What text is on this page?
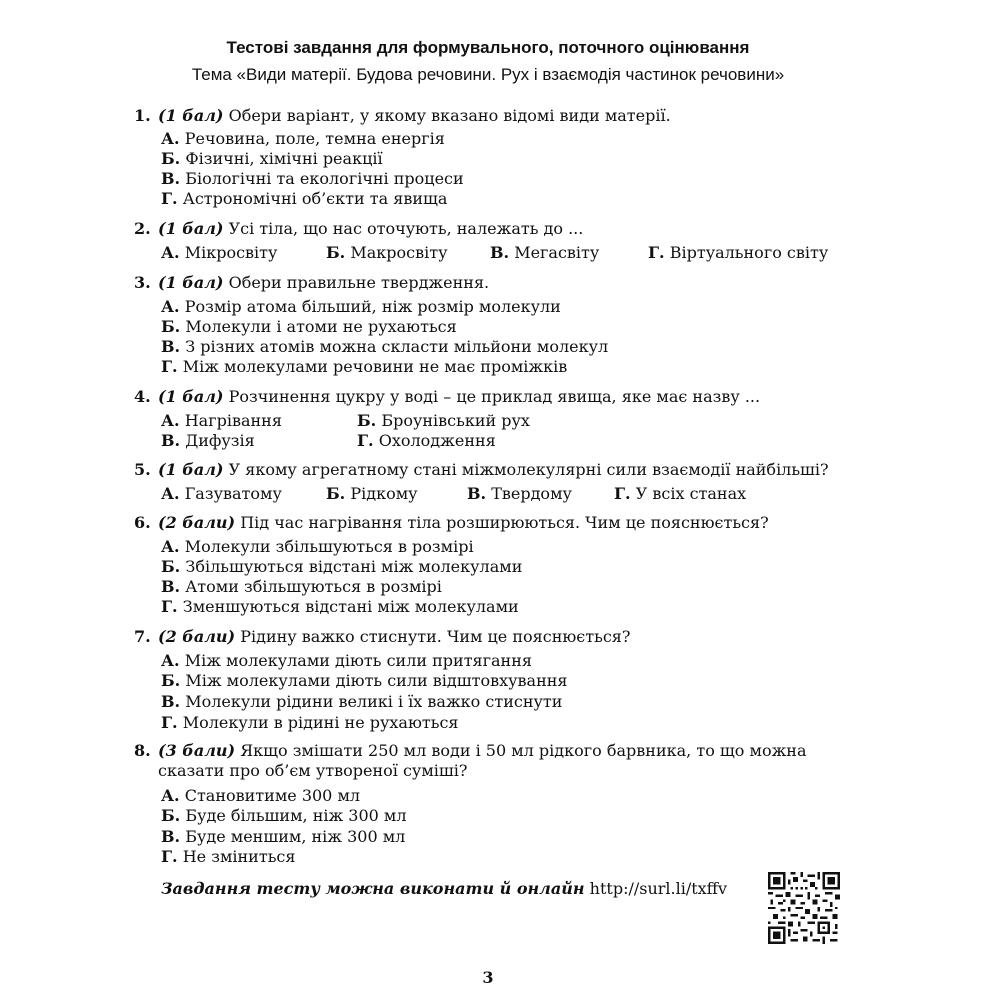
Тестові завдання для формувального, поточного оцінювання
Тема «Види матерії. Будова речовини. Рух і взаємодія частинок речовини»
1. (1 бал) Обери варіант, у якому вказано відомі види матерії.
А. Речовина, поле, темна енергія
Б. Фізичні, хімічні реакції
В. Біологічні та екологічні процеси
Г. Астрономічні об’єкти та явища
2. (1 бал) Усі тіла, що нас оточують, належать до ...
А. Мікросвіту	Б. Макросвіту	В. Мегасвіту	Г. Віртуального світу
3. (1 бал) Обери правильне твердження.
А. Розмір атома більший, ніж розмір молекули
Б. Молекули і атоми не рухаються
В. З різних атомів можна скласти мільйони молекул
Г. Між молекулами речовини не має проміжків
4. (1 бал) Розчинення цукру у воді – це приклад явища, яке має назву ...
А. Нагрівання	Б. Броунівський рух
В. Дифузія	Г. Охолодження
5. (1 бал) У якому агрегатному стані міжмолекулярні сили взаємодії найбільші?
А. Газуватому	Б. Рідкому	В. Твердому	Г. У всіх станах
6. (2 бали) Під час нагрівання тіла розширюються. Чим це пояснюється?
А. Молекули збільшуються в розмірі
Б. Збільшуються відстані між молекулами
В. Атоми збільшуються в розмірі
Г. Зменшуються відстані між молекулами
7. (2 бали) Рідину важко стиснути. Чим це пояснюється?
А. Між молекулами діють сили притягання
Б. Між молекулами діють сили відштовхування
В. Молекули рідини великі і їх важко стиснути
Г. Молекули в рідині не рухаються
8. (3 бали) Якщо змішати 250 мл води і 50 мл рідкого барвника, то що можна
сказати про об’єм утвореної суміші?
А. Становитиме 300 мл
Б. Буде більшим, ніж 300 мл
В. Буде меншим, ніж 300 мл
Г. Не зміниться
Завдання тесту можна виконати й онлайн http://surl.li/txffv
3
